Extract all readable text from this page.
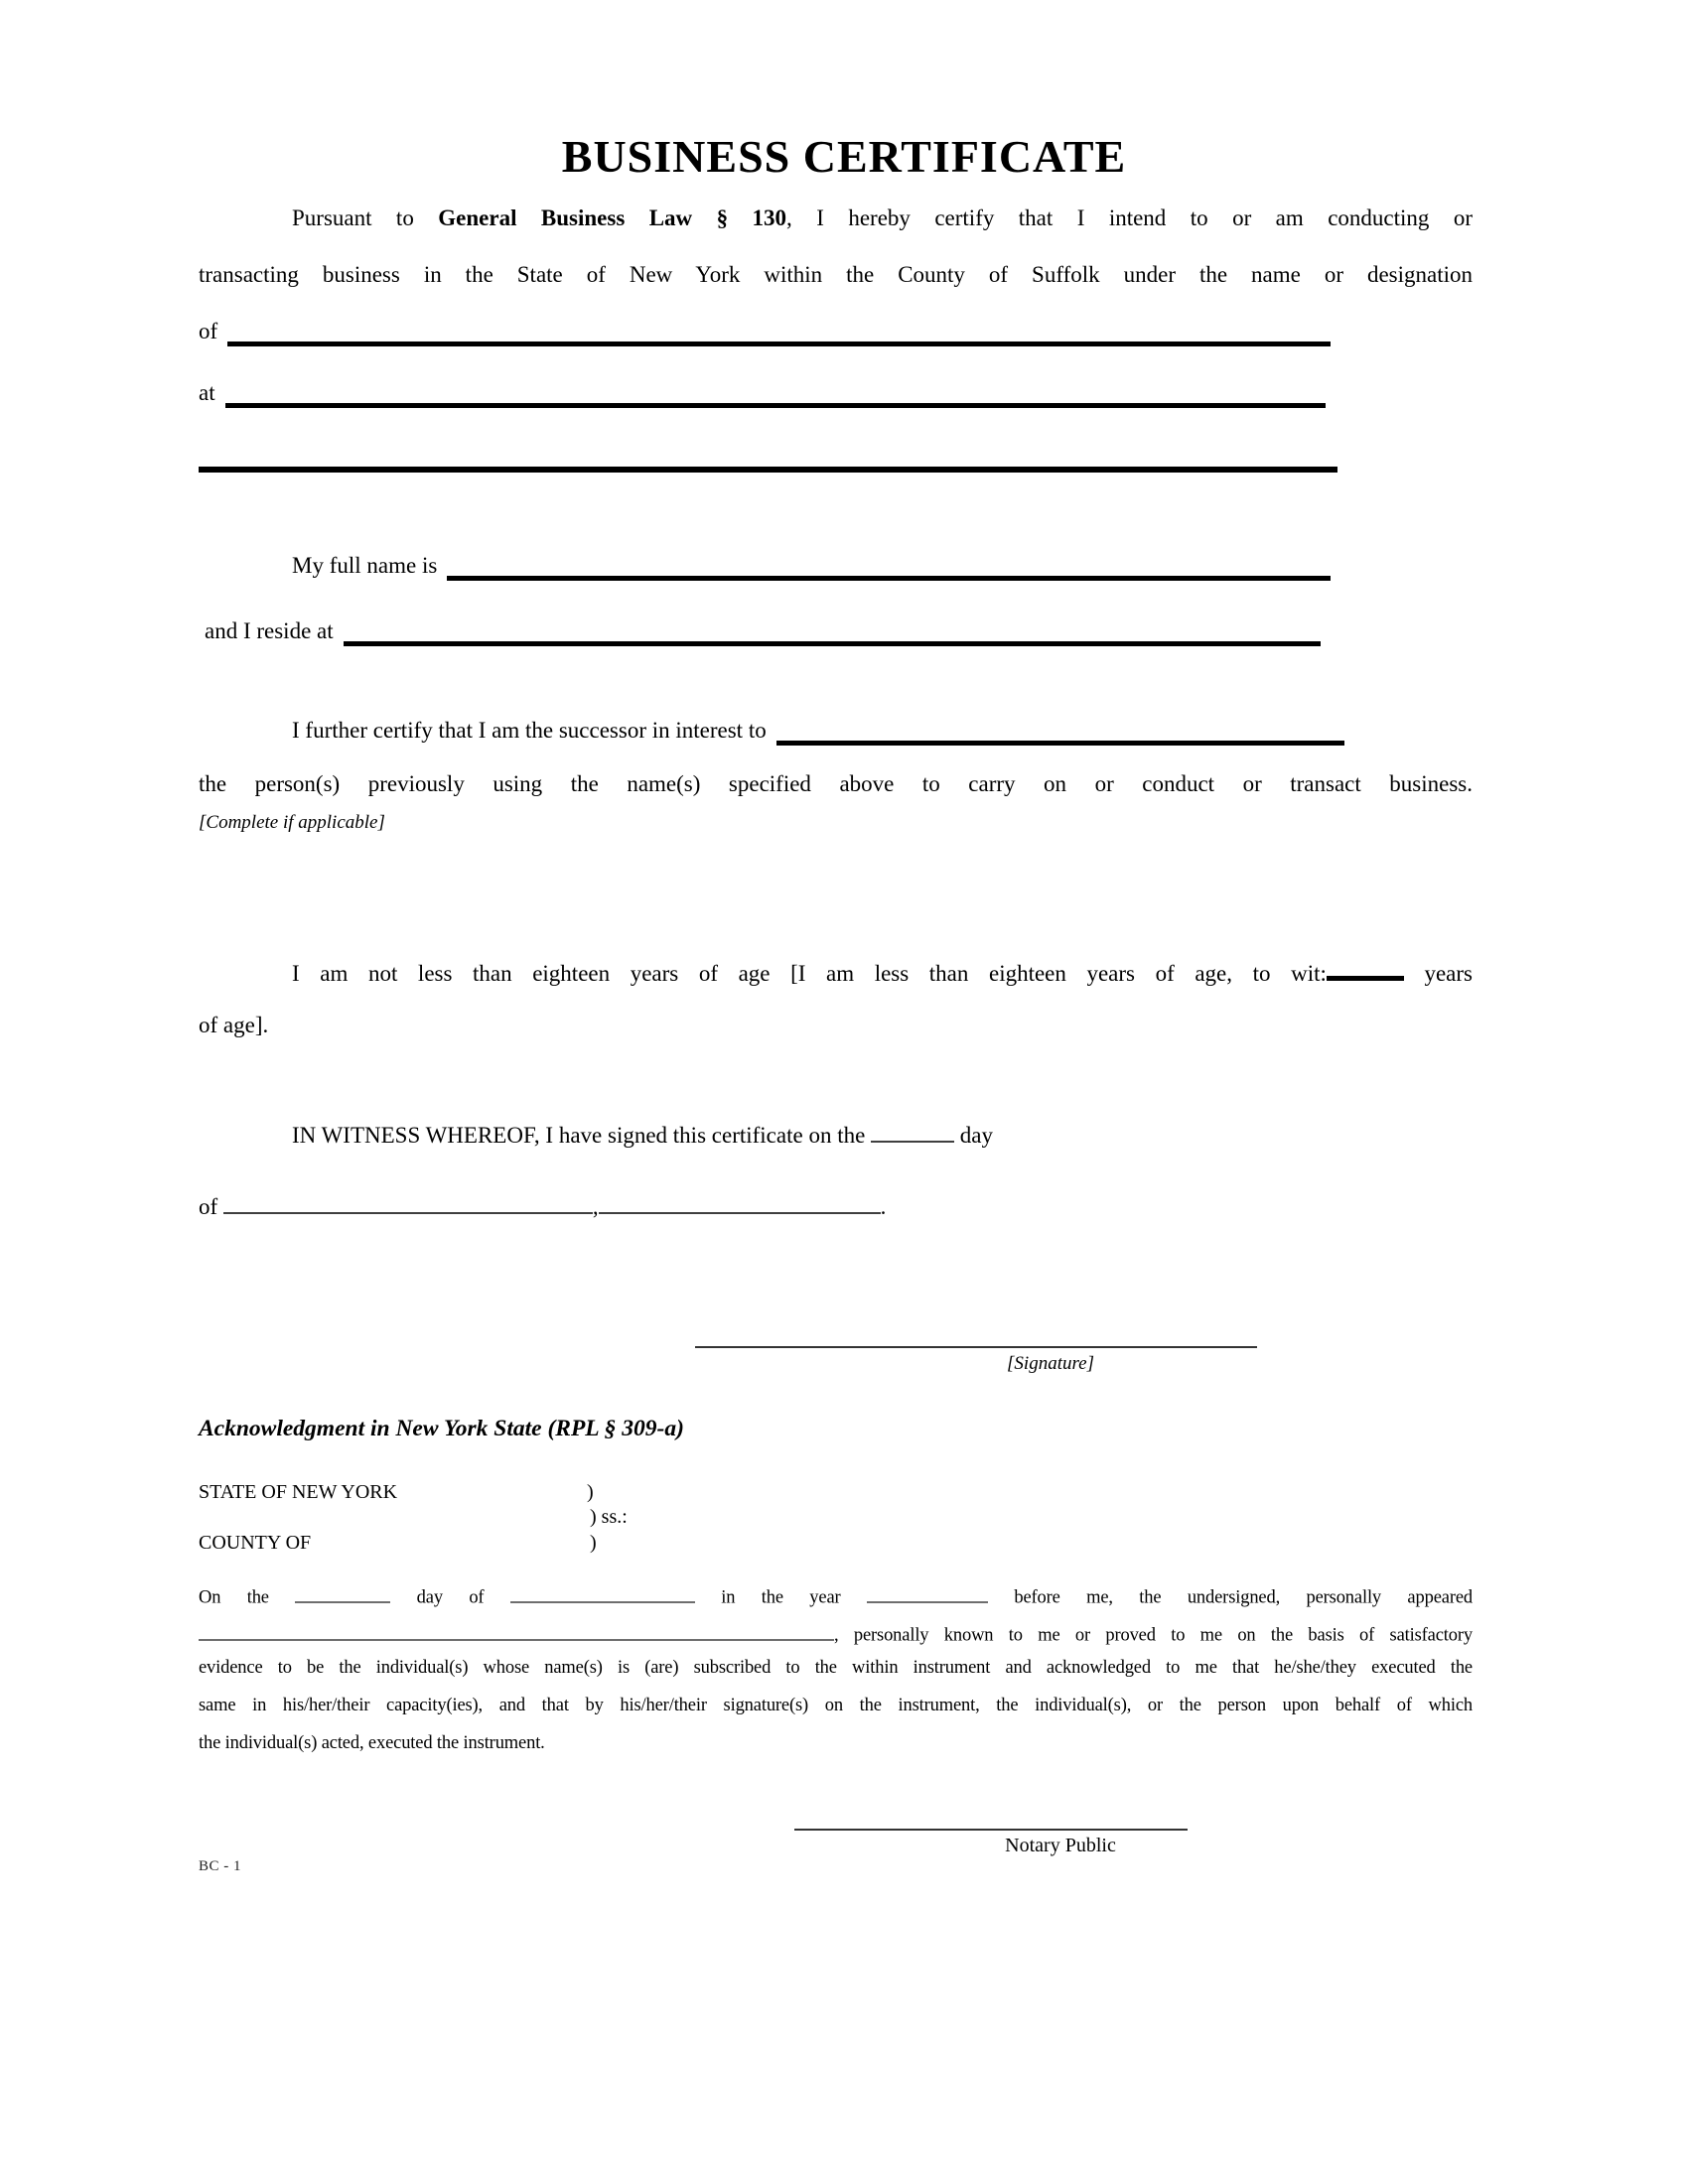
BUSINESS CERTIFICATE
Pursuant to General Business Law § 130, I hereby certify that I intend to or am conducting or
transacting business in the State of New York within the County of Suffolk under the name or designation
of
at
My full name is
and I reside at
I further certify that I am the successor in interest to
the person(s) previously using the name(s) specified above to carry on or conduct or transact business.
[Complete if applicable]
I am not less than eighteen years of age [I am less than eighteen years of age, to wit:	years
of age].
IN WITNESS WHEREOF, I have signed this certificate on the	day
of	,	.
[Signature]
Acknowledgment in New York State (RPL § 309-a)
STATE OF NEW YORK	)
) ss.:
COUNTY OF	)
On the	day of	in the year	before me, the undersigned, personally appeared
, personally known to me or proved to me on the basis of satisfactory
evidence to be the individual(s) whose name(s) is (are) subscribed to the within instrument and acknowledged to me that he/she/they executed the
same in his/her/their capacity(ies), and that by his/her/their signature(s) on the instrument, the individual(s), or the person upon behalf of which
the individual(s) acted, executed the instrument.
Notary Public
BC - 1
